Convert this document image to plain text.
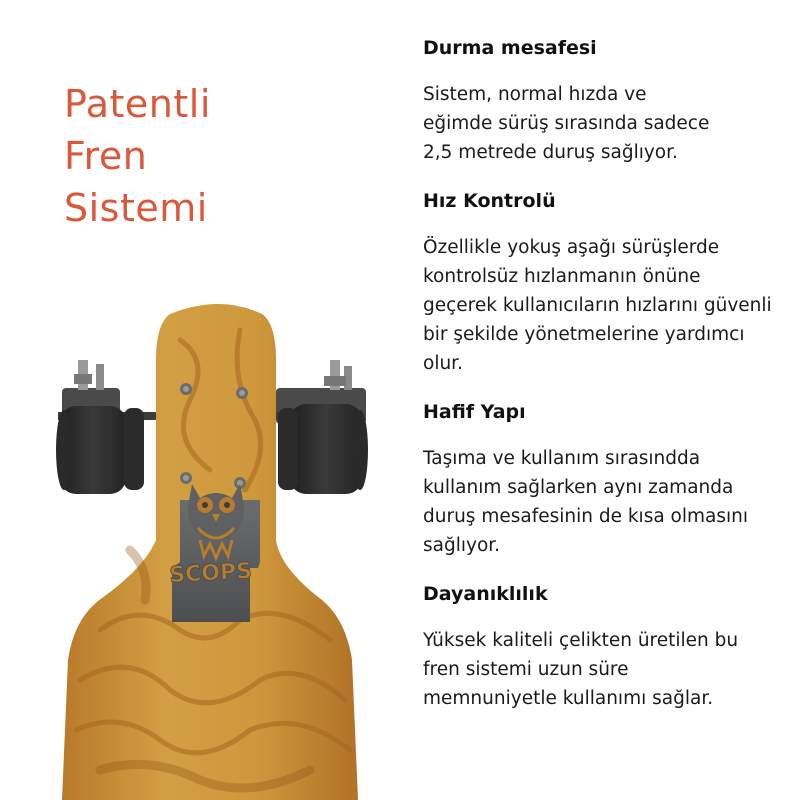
Patentli
Fren
Sistemi
SCOPS
Durma mesafesi

Sistem, normal hızda ve eğimde sürüş sırasında sadece 2,5 metrede duruş sağlıyor.

Hız Kontrolü

Özellikle yokuş aşağı sürüşlerde kontrolsüz hızlanmanın önüne geçerek kullanıcıların hızlarını güvenli bir şekilde yönetmelerine yardımcı olur.

Hafif Yapı

Taşıma ve kullanım sırasındda kullanım sağlarken aynı zamanda duruş mesafesinin de kısa olmasını sağlıyor.

Dayanıklılık

Yüksek kaliteli çelikten üretilen bu fren sistemi uzun süre memnuniyetle kullanımı sağlar.
